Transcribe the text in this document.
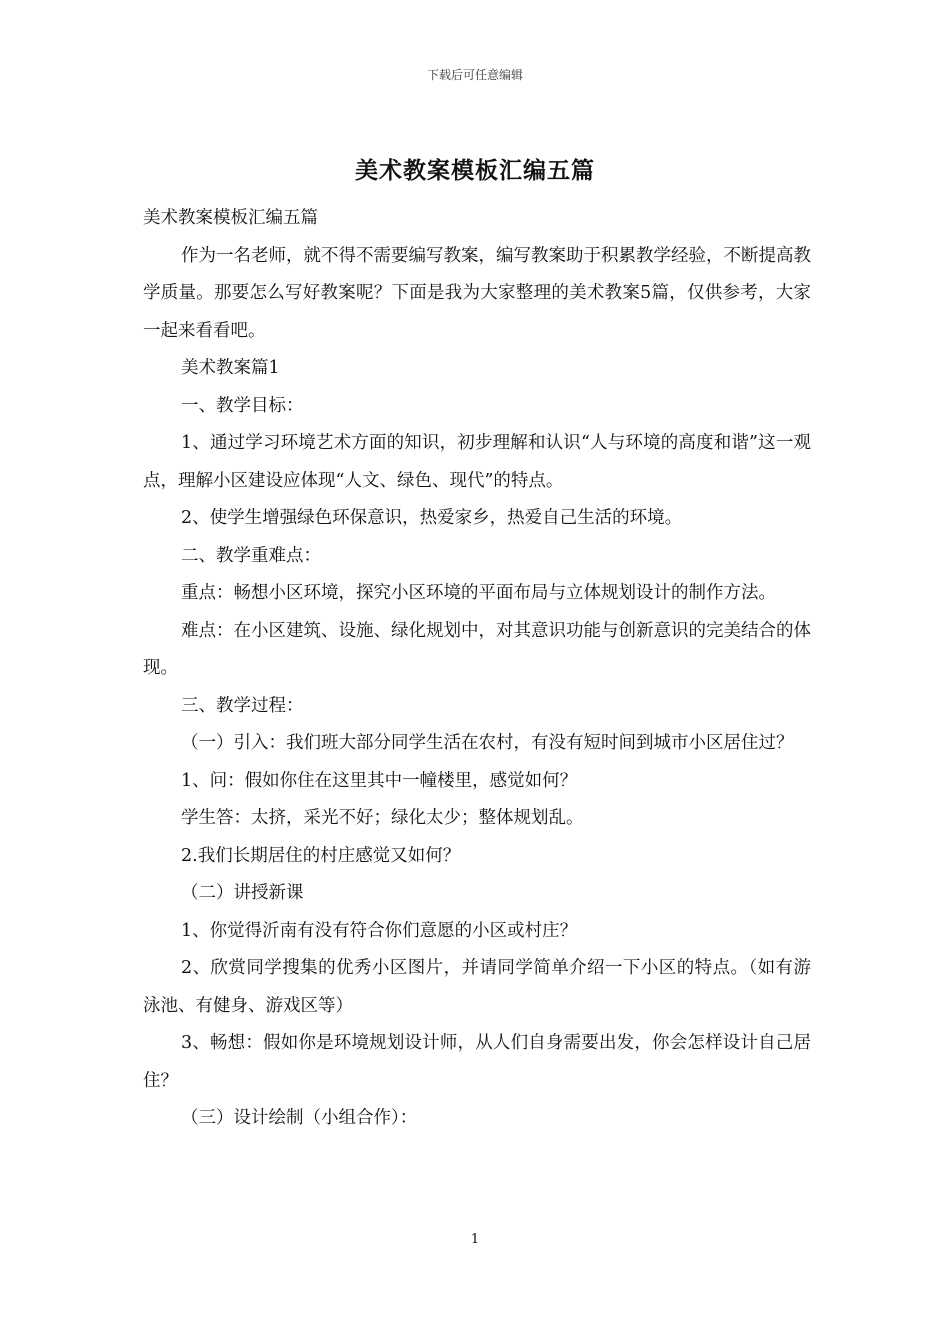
下载后可任意编辑
美术教案模板汇编五篇

美术教案模板汇编五篇

作为一名老师，就不得不需要编写教案，编写教案助于积累教学经验，不断提高教学质量。那要怎么写好教案呢？下面是我为大家整理的美术教案5篇，仅供参考，大家一起来看看吧。

美术教案篇1

一、教学目标：

1、通过学习环境艺术方面的知识，初步理解和认识“人与环境的高度和谐”这一观点，理解小区建设应体现“人文、绿色、现代”的特点。

2、使学生增强绿色环保意识，热爱家乡，热爱自己生活的环境。

二、教学重难点：

重点：畅想小区环境，探究小区环境的平面布局与立体规划设计的制作方法。

难点：在小区建筑、设施、绿化规划中，对其意识功能与创新意识的完美结合的体现。

三、教学过程：

（一）引入：我们班大部分同学生活在农村，有没有短时间到城市小区居住过？

1、问：假如你住在这里其中一幢楼里，感觉如何？

学生答：太挤，采光不好；绿化太少；整体规划乱。

2.我们长期居住的村庄感觉又如何？

（二）讲授新课

1、你觉得沂南有没有符合你们意愿的小区或村庄？

2、欣赏同学搜集的优秀小区图片，并请同学简单介绍一下小区的特点。（如有游泳池、有健身、游戏区等）

3、畅想：假如你是环境规划设计师，从人们自身需要出发，你会怎样设计自己居住？

（三）设计绘制（小组合作）：

1
